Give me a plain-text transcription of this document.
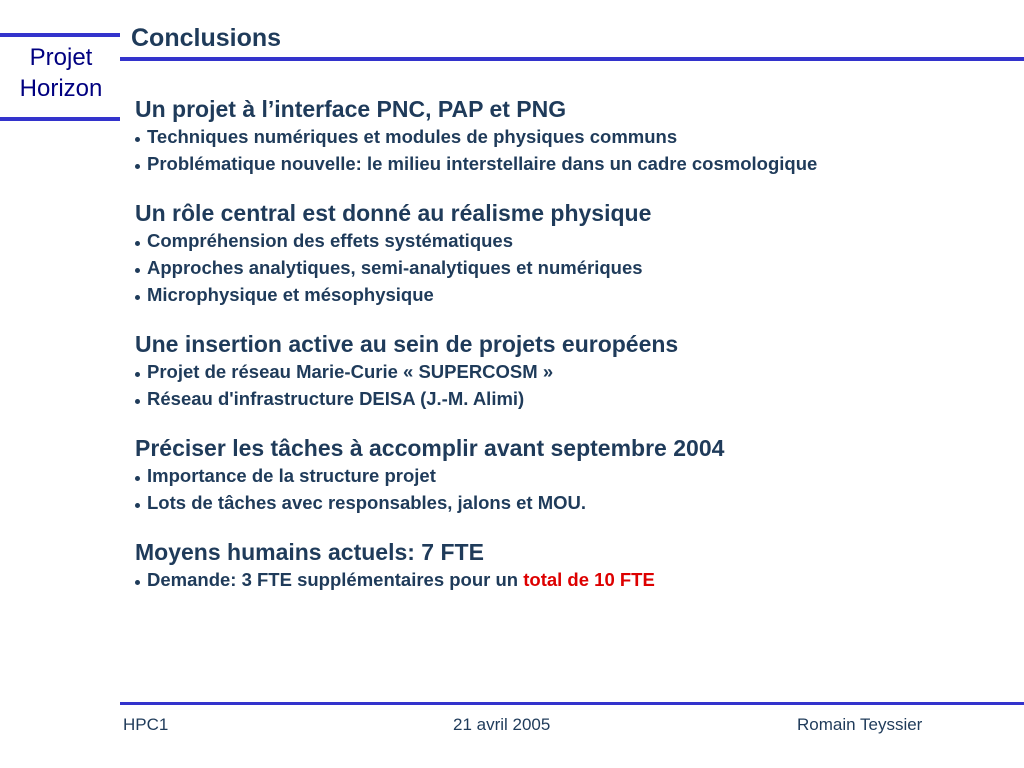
Projet
Horizon
Conclusions
Un projet à l’interface PNC, PAP et PNG
Techniques numériques et modules de physiques communs
Problématique nouvelle: le milieu interstellaire dans un cadre cosmologique
Un rôle central est donné au réalisme physique
Compréhension des effets systématiques
Approches analytiques, semi-analytiques et numériques
Microphysique et mésophysique
Une insertion active au sein de projets européens
Projet de réseau Marie-Curie « SUPERCOSM »
Réseau d'infrastructure DEISA (J.-M. Alimi)
Préciser les tâches à accomplir avant septembre 2004
Importance de la structure projet
Lots de tâches avec responsables, jalons et MOU.
Moyens humains actuels: 7 FTE
Demande: 3 FTE supplémentaires pour un total de 10 FTE
HPC1	21 avril 2005	Romain Teyssier
